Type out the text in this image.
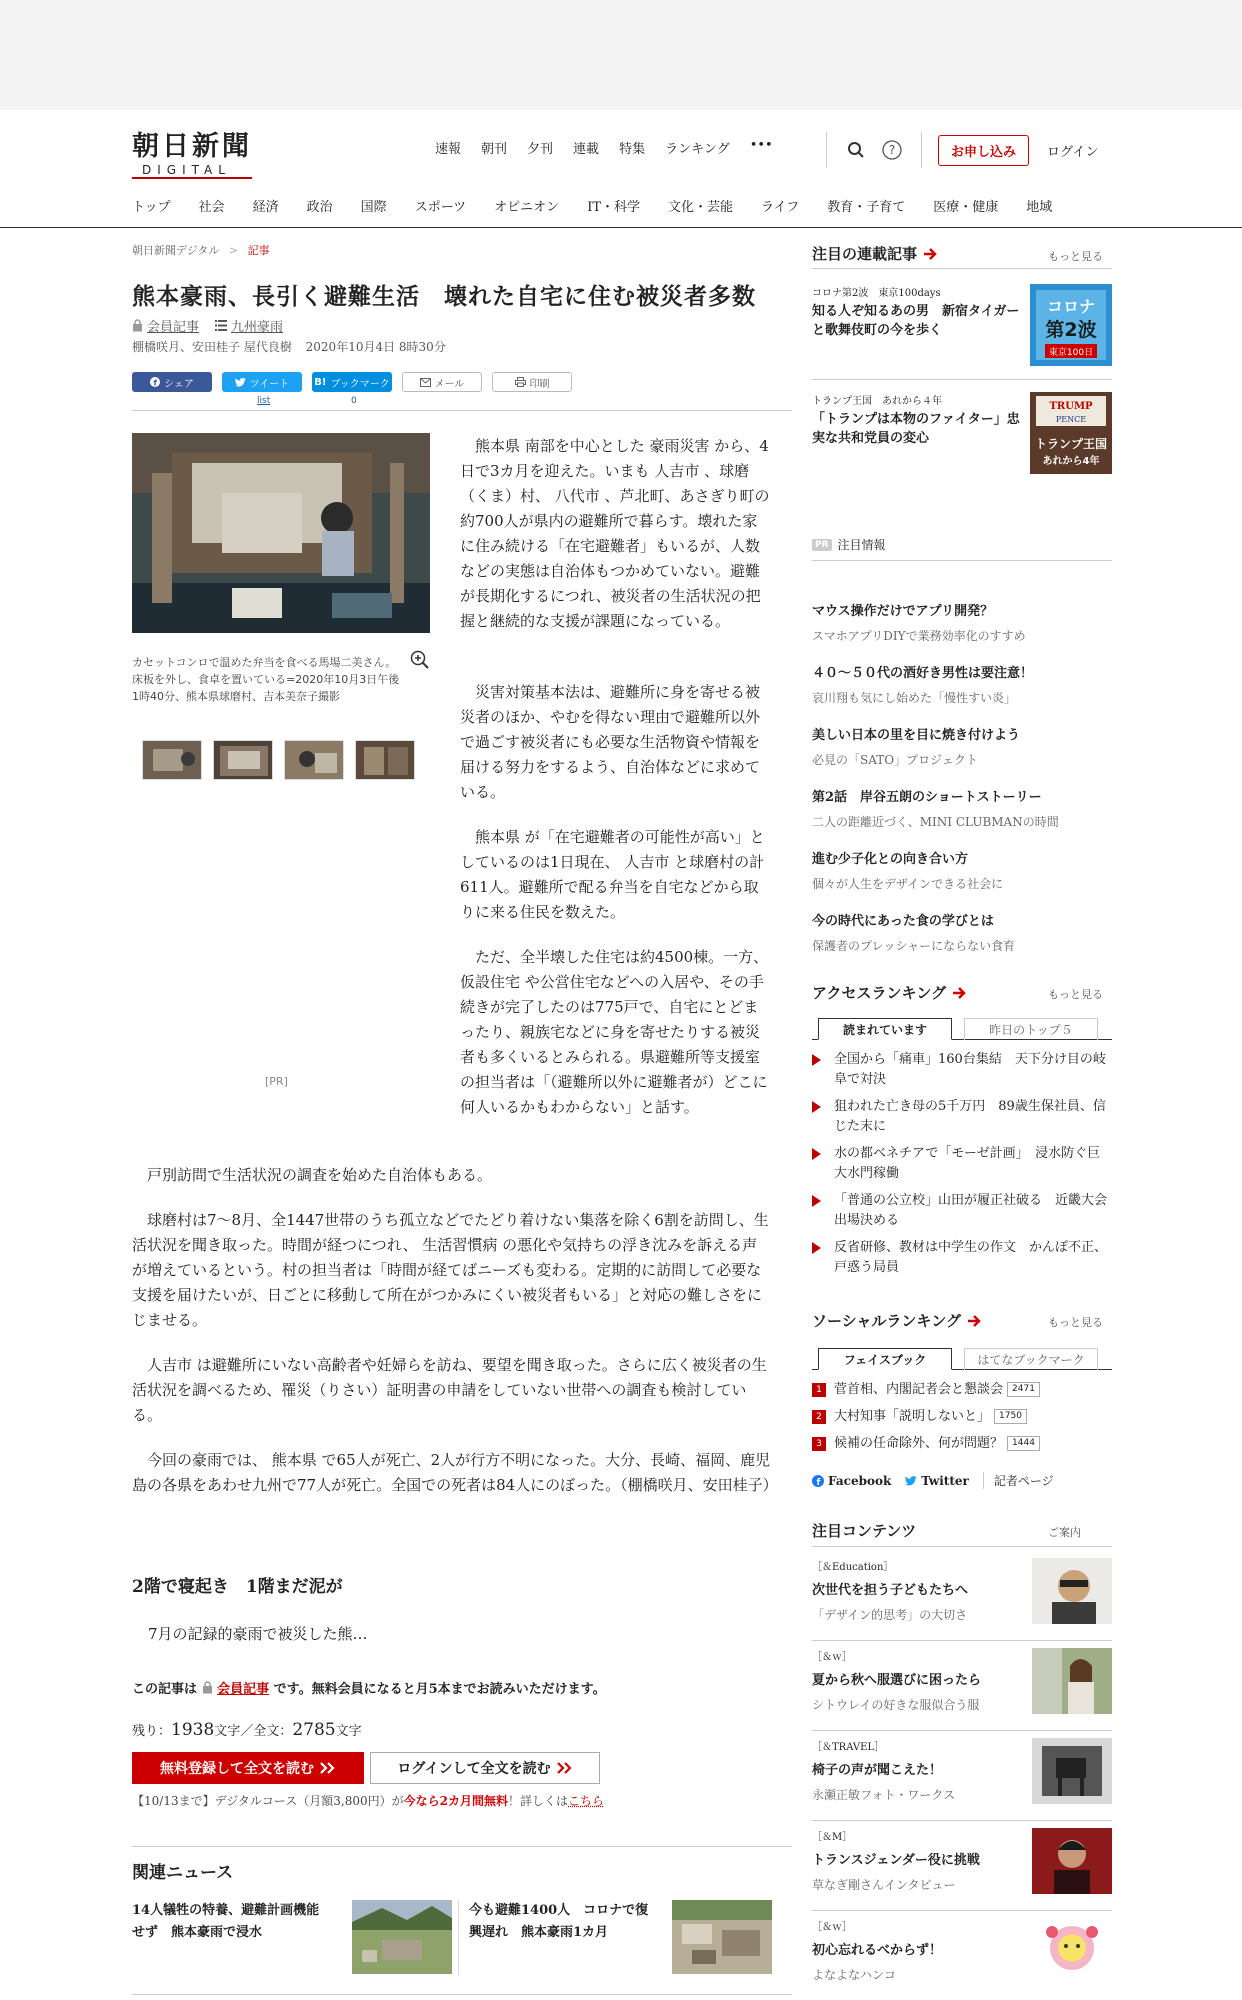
朝日新聞
DIGITAL
速報 朝刊 夕刊 連載 特集 ランキング •••	?	お申し込み	ログイン
トップ 社会 経済 政治 国際 スポーツ オピニオン IT・科学 文化・芸能 ライフ 教育・子育て 医療・健康 地域
朝日新聞デジタル > 記事
熊本豪雨、長引く避難生活　壊れた自宅に住む被災者多数
会員記事 九州豪雨
棚橋咲月、安田桂子 屋代良樹 2020年10月4日 8時30分
f シェア	ツイート	B! ブックマーク	メール	印刷
list	0
カセットコンロで温めた弁当を食べる馬場二美さん。床板を外し、食卓を置いている=2020年10月3日午後1時40分、熊本県球磨村、吉本美奈子撮影
[PR]

熊本県 南部を中心とした 豪雨災害 から、4日で3カ月を迎えた。いまも 人吉市 、球磨（くま）村、 八代市 、芦北町、あさぎり町の約700人が県内の避難所で暮らす。壊れた家に住み続ける「在宅避難者」もいるが、人数などの実態は自治体もつかめていない。避難が長期化するにつれ、被災者の生活状況の把握と継続的な支援が課題になっている。

災害対策基本法は、避難所に身を寄せる被災者のほか、やむを得ない理由で避難所以外で過ごす被災者にも必要な生活物資や情報を届ける努力をするよう、自治体などに求めている。

熊本県 が「在宅避難者の可能性が高い」としているのは1日現在、 人吉市 と球磨村の計611人。避難所で配る弁当を自宅などから取りに来る住民を数えた。

ただ、全半壊した住宅は約4500棟。一方、 仮設住宅 や公営住宅などへの入居や、その手続きが完了したのは775戸で、自宅にとどまったり、親族宅などに身を寄せたりする被災者も多くいるとみられる。県避難所等支援室の担当者は「（避難所以外に避難者が）どこに何人いるかもわからない」と話す。

戸別訪問で生活状況の調査を始めた自治体もある。

球磨村は7～8月、全1447世帯のうち孤立などでたどり着けない集落を除く6割を訪問し、生活状況を聞き取った。時間が経つにつれ、 生活習慣病 の悪化や気持ちの浮き沈みを訴える声が増えているという。村の担当者は「時間が経てばニーズも変わる。定期的に訪問して必要な支援を届けたいが、日ごとに移動して所在がつかみにくい被災者もいる」と対応の難しさをにじませる。

人吉市 は避難所にいない高齢者や妊婦らを訪ね、要望を聞き取った。さらに広く被災者の生活状況を調べるため、罹災（りさい）証明書の申請をしていない世帯への調査も検討している。

今回の豪雨では、 熊本県 で65人が死亡、2人が行方不明になった。大分、長崎、福岡、鹿児島の各県をあわせ九州で77人が死亡。全国での死者は84人にのぼった。（棚橋咲月、安田桂子）

2階で寝起き　1階まだ泥が
7月の記録的豪雨で被災した熊…
この記事は 会員記事 です。無料会員になると月5本までお読みいただけます。
残り：1938文字／全文：2785文字
無料登録して全文を読む	ログインして全文を読む
【10/13まで】デジタルコース（月額3,800円）が今なら2カ月間無料！詳しくはこちら
関連ニュース
14人犠牲の特養、避難計画機能せず　熊本豪雨で浸水
今も避難1400人　コロナで復興遅れ　熊本豪雨1カ月
注目の連載記事	もっと見る
コロナ第2波　東京100days
知る人ぞ知るあの男　新宿タイガーと歌舞伎町の今を歩く
コロナ
第2波
東京100日
トランプ王国　あれから４年
「トランプは本物のファイター」忠実な共和党員の変心
TRUMP
PENCE
トランプ王国
あれから4年
PR 注目情報
マウス操作だけでアプリ開発？
スマホアプリDIYで業務効率化のすすめ
４０～５０代の酒好き男性は要注意！
哀川翔も気にし始めた「慢性すい炎」
美しい日本の里を目に焼き付けよう
必見の「SATO」プロジェクト
第2話　岸谷五朗のショートストーリー
二人の距離近づく、MINI CLUBMANの時間
進む少子化との向き合い方
個々が人生をデザインできる社会に
今の時代にあった食の学びとは
保護者のプレッシャーにならない食育
アクセスランキング	もっと見る
読まれています	昨日のトップ５
全国から「痛車」160台集結　天下分け目の岐阜で対決
狙われた亡き母の5千万円　89歳生保社員、信じた末に
水の都ベネチアで「モーゼ計画」　浸水防ぐ巨大水門稼働
「普通の公立校」山田が履正社破る　近畿大会出場決める
反省研修、教材は中学生の作文　かんぽ不正、戸惑う局員
ソーシャルランキング	もっと見る
フェイスブック	はてなブックマーク
1 菅首相、内閣記者会と懇談会 2471
2 大村知事「説明しないと」 1750
3 候補の任命除外、何が問題？ 1444
f Facebook	Twitter	記者ページ
注目コンテンツ	ご案内
［＆Education］
次世代を担う子どもたちへ
「デザイン的思考」の大切さ
［＆ｗ］
夏から秋へ服選びに困ったら
シトウレイの好きな服似合う服
［＆TRAVEL］
椅子の声が聞こえた！
永瀬正敏フォト・ワークス
［＆M］
トランスジェンダー役に挑戦
草なぎ剛さんインタビュー
［＆ｗ］
初心忘れるべからず！
よなよなハンコ
